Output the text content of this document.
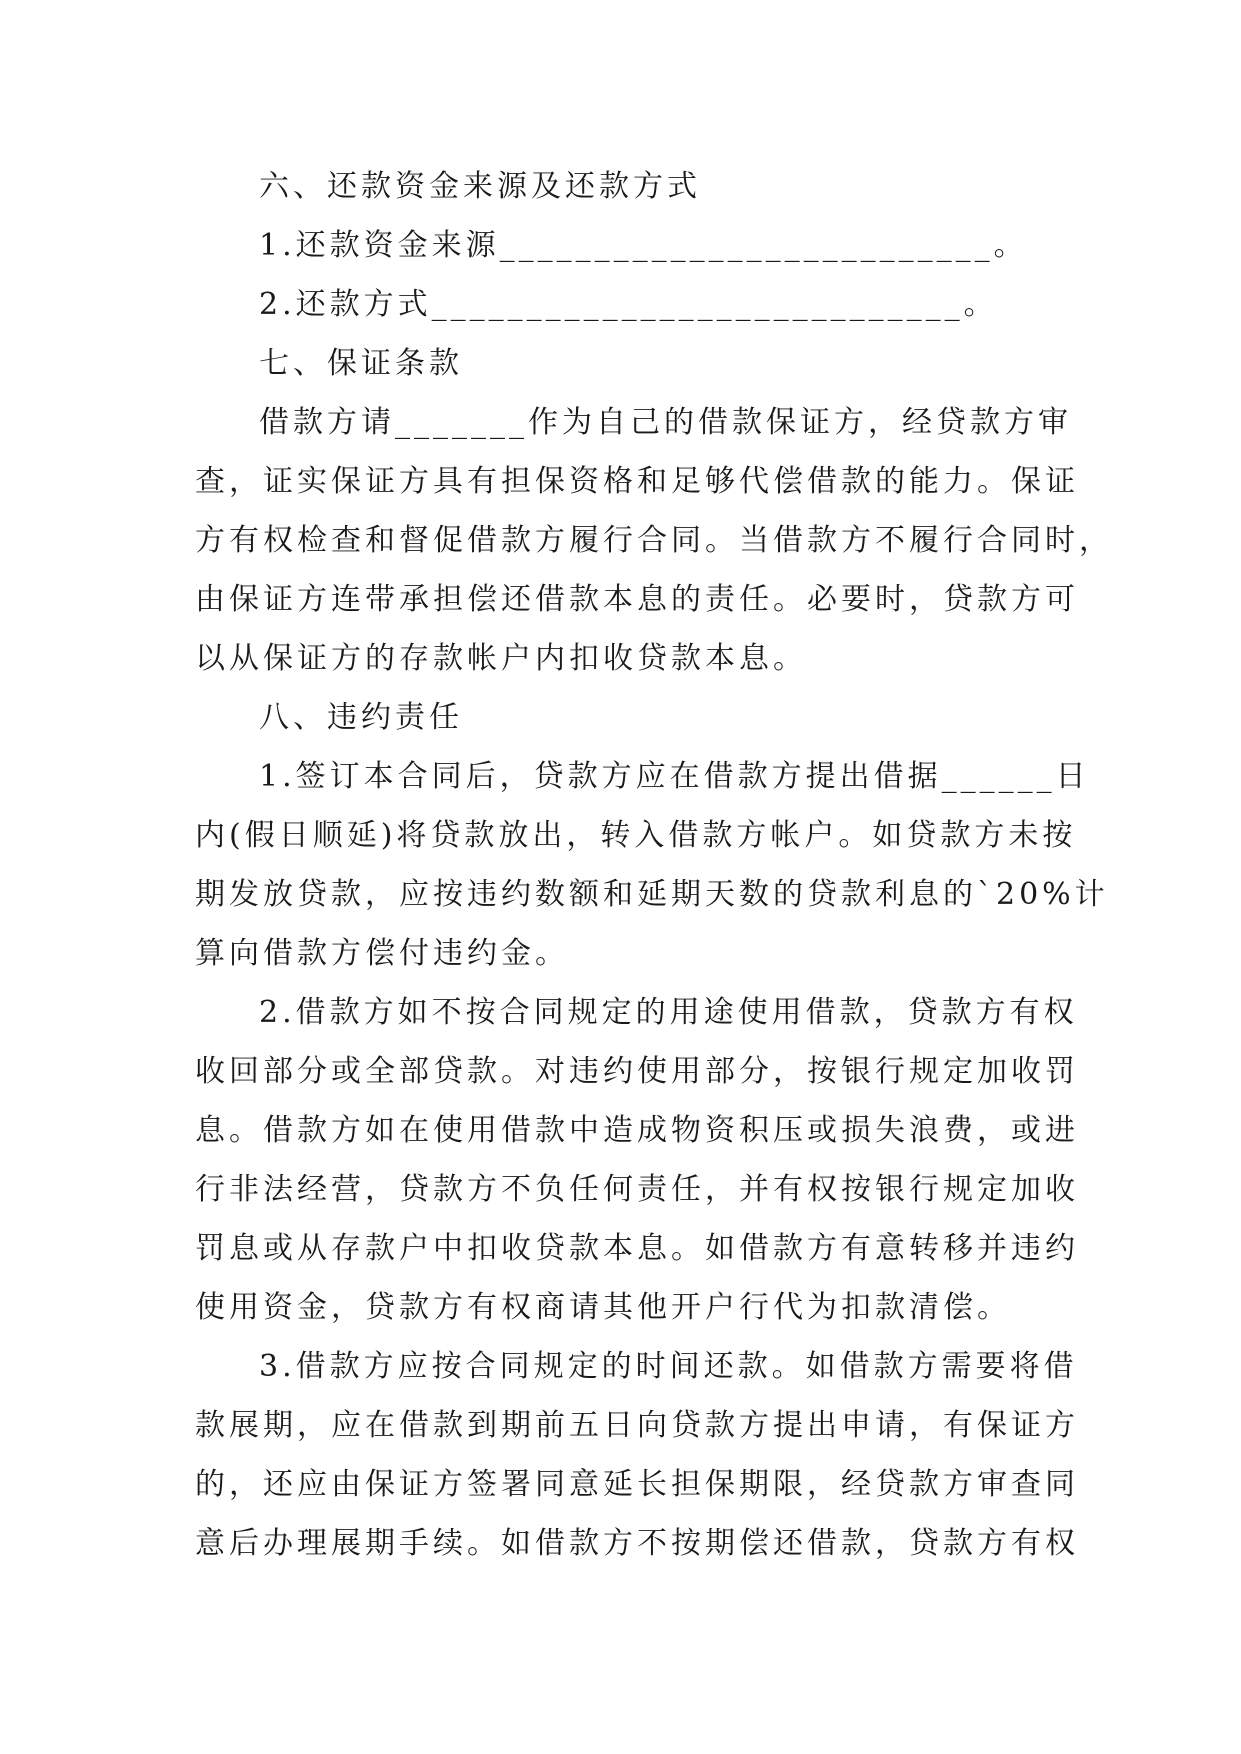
六、还款资金来源及还款方式
1.还款资金来源__________________________。
2.还款方式____________________________。
七、保证条款
借款方请_______作为自己的借款保证方，经贷款方审
查，证实保证方具有担保资格和足够代偿借款的能力。保证
方有权检查和督促借款方履行合同。当借款方不履行合同时，
由保证方连带承担偿还借款本息的责任。必要时，贷款方可
以从保证方的存款帐户内扣收贷款本息。
八、违约责任
1.签订本合同后，贷款方应在借款方提出借据______日
内(假日顺延)将贷款放出，转入借款方帐户。如贷款方未按
期发放贷款，应按违约数额和延期天数的贷款利息的`20%计
算向借款方偿付违约金。
2.借款方如不按合同规定的用途使用借款，贷款方有权
收回部分或全部贷款。对违约使用部分，按银行规定加收罚
息。借款方如在使用借款中造成物资积压或损失浪费，或进
行非法经营，贷款方不负任何责任，并有权按银行规定加收
罚息或从存款户中扣收贷款本息。如借款方有意转移并违约
使用资金，贷款方有权商请其他开户行代为扣款清偿。
3.借款方应按合同规定的时间还款。如借款方需要将借
款展期，应在借款到期前五日向贷款方提出申请，有保证方
的，还应由保证方签署同意延长担保期限，经贷款方审查同
意后办理展期手续。如借款方不按期偿还借款，贷款方有权
